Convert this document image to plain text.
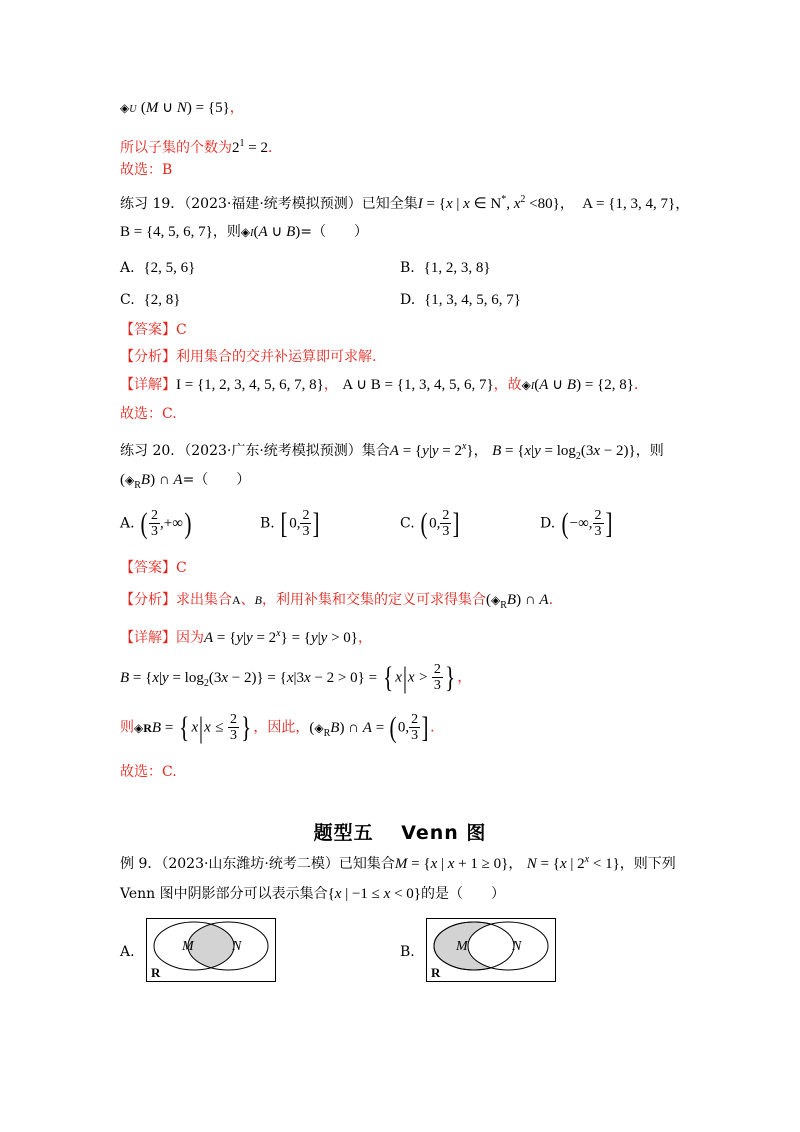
◈U (M ∪ N) = {5}，
所以子集的个数为$2^1 = 2$．
故选：B
练习 19．（2023·福建·统考模拟预测）已知全集I = {x | x ∈ N*, $x^2 <80$}， A = {1, 3, 4, 7}，
B = {4, 5, 6, 7}，则◈I(A ∪ B)=（　　）
A. {2, 5, 6}	B. {1, 2, 3, 8}
C. {2, 8}	D. {1, 3, 4, 5, 6, 7}
【答案】C
【分析】利用集合的交并补运算即可求解.
【详解】I = {1, 2, 3, 4, 5, 6, 7, 8}， A ∪ B = {1, 3, 4, 5, 6, 7}，故◈I(A ∪ B) = {2, 8}．
故选：C.
练习 20．（2023·广东·统考模拟预测）集合$A = \{y|y = 2^x\}$， $B = \{x|y = \log_2(3x - 2)\}$，则
$(◈_RB)$ ∩ A=（　　）
A. ( $\frac{2}{3}$ ,+∞)	B. [ 0, $\frac{2}{3}$ ]	C. ( 0, $\frac{2}{3}$ ]	D. ( −∞, $\frac{2}{3}$ ]
【答案】C
【分析】求出集合A、B，利用补集和交集的定义可求得集合$(◈_RB)$ ∩ A.
【详解】因为$A = \{y|y = 2^x\} = \{y|y > 0\}$，
$B = \{x|y = \log_2(3x - 2)\} = \{x|3x - 2 > 0\}$ = { $x|x > \frac{2}{3}$ } ，
则◈RB = { $x|x \le \frac{2}{3}$ } ，因此，$(◈_RB)$ ∩ A = ( 0, $\frac{2}{3}$ ] .
故选：C.
题型五　 Venn 图
例 9．（2023·山东潍坊·统考二模）已知集合M = {x | x + 1 ≥ 0}， N = {x | $2^x < 1$}，则下列
Venn 图中阴影部分可以表示集合{x | −1 ≤ x < 0}的是（　　）
A.	M	N
R
B.	M	N
R
